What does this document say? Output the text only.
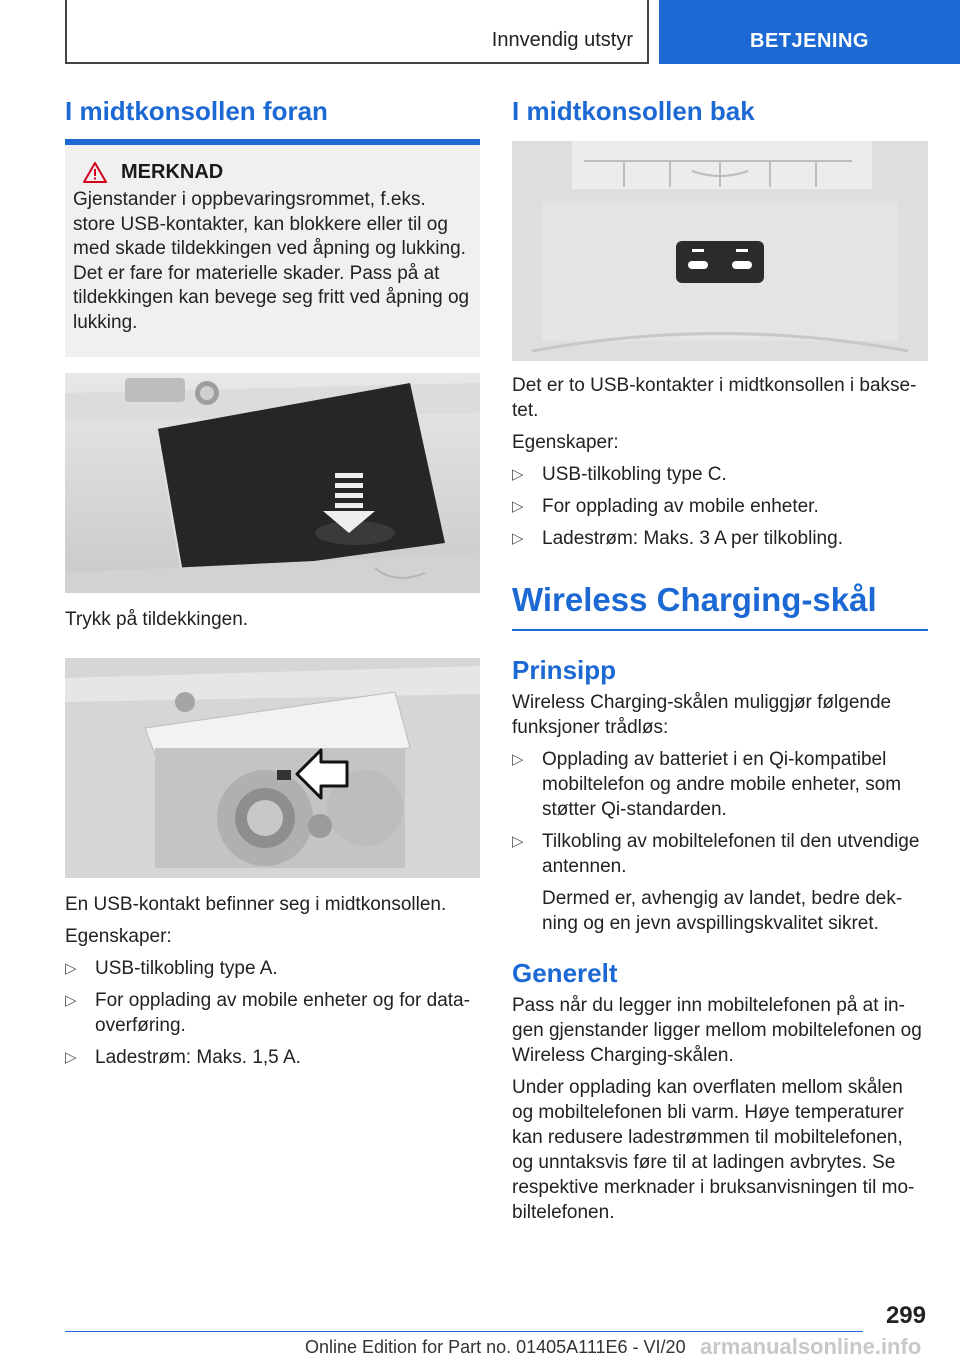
Innvendig utstyr	BETJENING
I midtkonsollen foran
MERKNAD

Gjenstander i oppbevaringsrommet, f.eks. store USB-kontakter, kan blokkere eller til og med skade tildekkingen ved åpning og lukking. Det er fare for materielle skader. Pass på at tildekkingen kan bevege seg fritt ved åpning og lukking.

Trykk på tildekkingen.

En USB-kontakt befinner seg i midtkonsollen.

Egenskaper:

▷ USB-tilkobling type A.
▷ For opplading av mobile enheter og for dataoverføring.
▷ Ladestrøm: Maks. 1,5 A.
I midtkonsollen bak

Det er to USB-kontakter i midtkonsollen i baksetet.

Egenskaper:

▷ USB-tilkobling type C.
▷ For opplading av mobile enheter.
▷ Ladestrøm: Maks. 3 A per tilkobling.
Wireless Charging-skål
Prinsipp

Wireless Charging-skålen muliggjør følgende funksjoner trådløs:

▷ Opplading av batteriet i en Qi-kompatibel mobiltelefon og andre mobile enheter, som støtter Qi-standarden.
▷ Tilkobling av mobiltelefonen til den utvendige antennen.

Dermed er, avhengig av landet, bedre dekning og en jevn avspillingskvalitet sikret.

Generelt

Pass når du legger inn mobiltelefonen på at ingen gjenstander ligger mellom mobiltelefonen og Wireless Charging-skålen.

Under opplading kan overflaten mellom skålen og mobiltelefonen bli varm. Høye temperaturer kan redusere ladestrømmen til mobiltelefonen, og unntaksvis føre til at ladingen avbrytes. Se respektive merknader i bruksanvisningen til mobiltelefonen.

299
Online Edition for Part no. 01405A111E6 - VI/20 armanualsonline.info
